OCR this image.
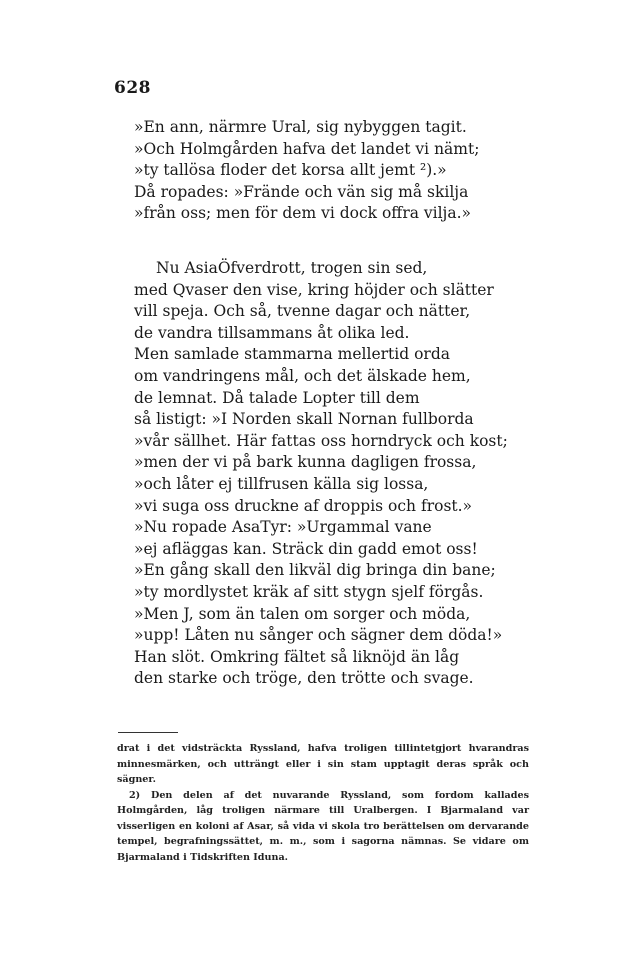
628
»En ann, närmre Ural, sig nybyggen tagit.
»Och Holmgården hafva det landet vi nämt;
»ty tallösa floder det korsa allt jemt ²).»
Då ropades: »Frände och vän sig må skilja
»från oss; men för dem vi dock offra vilja.»
Nu AsiaÖfverdrott, trogen sin sed,
med Qvaser den vise, kring höjder och slätter
vill speja. Och så, tvenne dagar och nätter,
de vandra tillsammans åt olika led.
Men samlade stammarna mellertid orda
om vandringens mål, och det älskade hem,
de lemnat. Då talade Lopter till dem
så listigt: »I Norden skall Nornan fullborda
»vår sällhet. Här fattas oss horndryck och kost;
»men der vi på bark kunna dagligen frossa,
»och låter ej tillfrusen källa sig lossa,
»vi suga oss druckne af droppis och frost.»
»Nu ropade AsaTyr: »Urgammal vane
»ej afläggas kan. Sträck din gadd emot oss!
»En gång skall den likväl dig bringa din bane;
»ty mordlystet kräk af sitt stygn sjelf förgås.
»Men J, som än talen om sorger och möda,
»upp! Låten nu sånger och sägner dem döda!»
Han slöt. Omkring fältet så liknöjd än låg
den starke och tröge, den trötte och svage.

drat i det vidsträckta Ryssland, hafva troligen tillintetgjort hvarandras minnesmärken, och utträngt eller i sin stam upptagit deras språk och sägner.

2) Den delen af det nuvarande Ryssland, som fordom kallades Holmgården, låg troligen närmare till Uralbergen. I Bjarmaland var visserligen en koloni af Asar, så vida vi skola tro berättelsen om dervarande tempel, begrafningssättet, m. m., som i sagorna nämnas. Se vidare om Bjarmaland i Tidskriften Iduna.
